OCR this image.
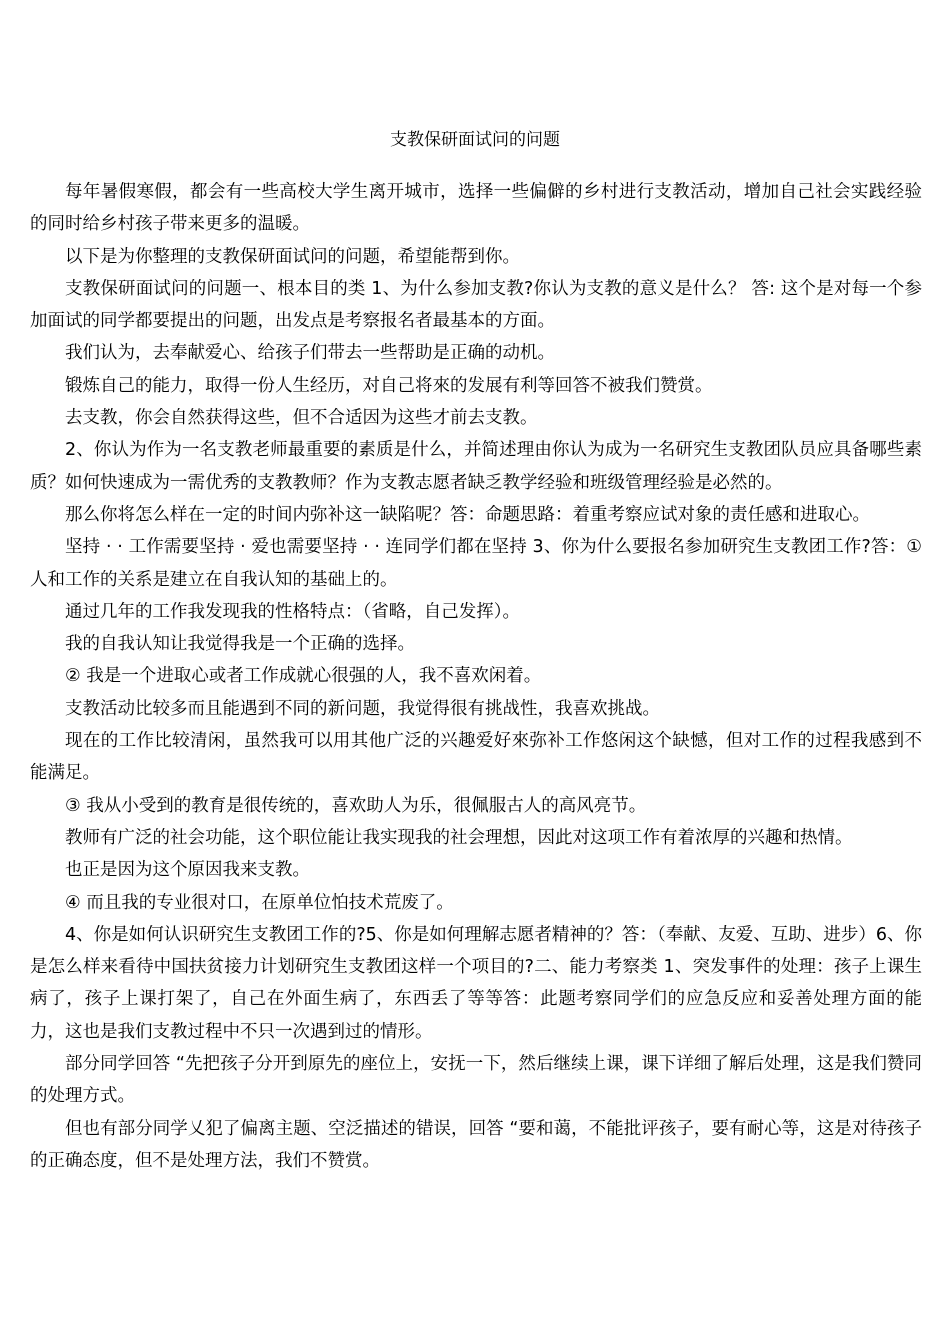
支教保研面试问的问题

每年暑假寒假，都会有一些高校大学生离开城市，选择一些偏僻的乡村进行支教活动，增加自己社会实践经验的同时给乡村孩子带来更多的温暖。

以下是为你整理的支教保研面试问的问题，希望能帮到你。

支教保研面试问的问题一、根本目的类 1、为什么参加支教?你认为支教的意义是什么？ 答: 这个是对每一个参加面试的同学都要提出的问题，出发点是考察报名者最基本的方面。

我们认为，去奉献爱心、给孩子们带去一些帮助是正确的动机。

锻炼自己的能力，取得一份人生经历，对自己将來的发展有利等回答不被我们赞赏。

去支教，你会自然获得这些，但不合适因为这些才前去支教。

2、你认为作为一名支教老师最重要的素质是什么，并简述理由你认为成为一名研究生支教团队员应具备哪些素质？如何快速成为一需优秀的支教教师？作为支教志愿者缺乏教学经验和班级管理经验是必然的。

那么你将怎么样在一定的时间内弥补这一缺陷呢？答：命题思路：着重考察应试对象的责任感和进取心。

坚持 · · 工作需要坚持 · 爱也需要坚持 · · 连同学们都在坚持 3、你为什么要报名参加研究生支教团工作?答：①人和工作的关系是建立在自我认知的基础上的。

通过几年的工作我发现我的性格特点：（省略，自己发挥）。

我的自我认知让我觉得我是一个正确的选择。

② 我是一个进取心或者工作成就心很强的人，我不喜欢闲着。

支教活动比较多而且能遇到不同的新问题，我觉得很有挑战性，我喜欢挑战。

现在的工作比较清闲，虽然我可以用其他广泛的兴趣爱好來弥补工作悠闲这个缺憾，但对工作的过程我感到不能满足。

③ 我从小受到的教育是很传统的，喜欢助人为乐，很佩服古人的高风亮节。

教师有广泛的社会功能，这个职位能让我实现我的社会理想，因此对这项工作有着浓厚的兴趣和热情。

也正是因为这个原因我来支教。

④ 而且我的专业很对口，在原单位怕技术荒废了。

4、你是如何认识研究生支教团工作的?5、你是如何理解志愿者精神的？答：（奉献、友爱、互助、进步）6、你是怎么样来看待中国扶贫接力计划研究生支教团这样一个项目的?二、能力考察类 1、突发事件的处理：孩子上课生病了，孩子上课打架了，自己在外面生病了，东西丢了等等答：此题考察同学们的应急反应和妥善处理方面的能力，这也是我们支教过程中不只一次遇到过的情形。

部分同学回答 “先把孩子分开到原先的座位上，安抚一下，然后继续上课，课下详细了解后处理，这是我们赞同的处理方式。

但也有部分同学乂犯了偏离主题、空泛描述的错误，回答 “要和蔼，不能批评孩子，要有耐心等，这是对待孩子的正确态度，但不是处理方法，我们不赞赏。
